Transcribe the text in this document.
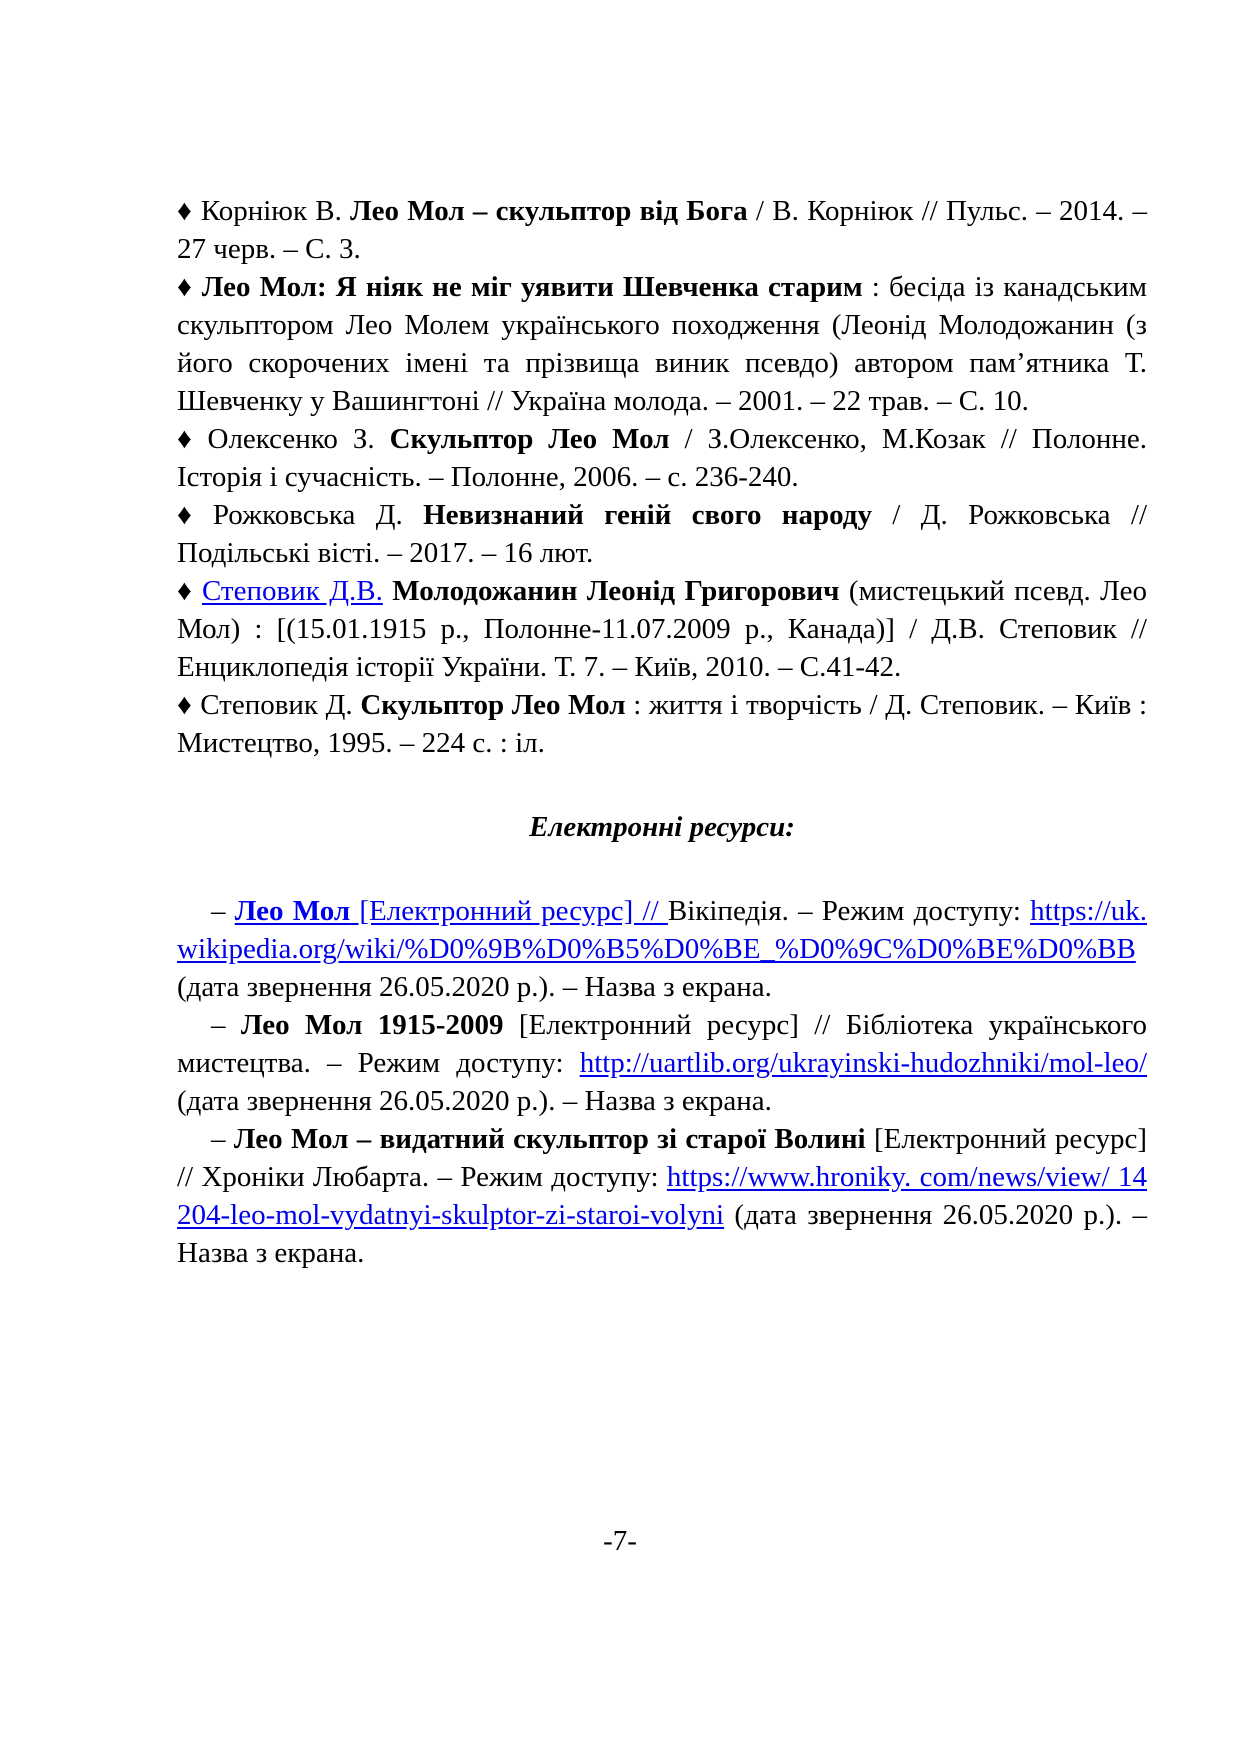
♦ Корніюк В. Лео Мол – скульптор від Бога / В. Корніюк // Пульс. – 2014. – 27 черв. – С. 3.

♦ Лео Мол: Я ніяк не міг уявити Шевченка старим : бесіда із канадським скульптором Лео Молем українського походження (Леонід Молодожанин (з його скорочених імені та прізвища виник псевдо) автором пам’ятника Т. Шевченку у Вашингтоні // Україна молода. – 2001. – 22 трав. – С. 10.

♦ Олексенко З. Скульптор Лео Мол / З.Олексенко, М.Козак // Полонне. Історія і сучасність. – Полонне, 2006. – с. 236-240.

♦ Рожковська Д. Невизнаний геній свого народу / Д. Рожковська // Подільські вісті. – 2017. – 16 лют.

♦ Степовик Д.В. Молодожанин Леонід Григорович (мистецький псевд. Лео Мол) : [(15.01.1915 р., Полонне-11.07.2009 р., Канада)] / Д.В. Степовик // Енциклопедія історії України. Т. 7. – Київ, 2010. – С.41-42.

♦ Степовик Д. Скульптор Лео Мол : життя і творчість / Д. Степовик. – Київ : Мистецтво, 1995. – 224 с. : іл.

Електронні ресурси:

– Лео Мол [Електронний ресурс] // Вікіпедія. – Режим доступу: https://uk.wikipedia.org/wiki/%D0%9B%D0%B5%D0%BE_%D0%9C%D0%BE%D0%BB (дата звернення 26.05.2020 р.). – Назва з екрана.

– Лео Мол 1915-2009 [Електронний ресурс] // Бібліотека українського мистецтва. – Режим доступу: http://uartlib.org/ukrayinski-hudozhniki/mol-leo/ (дата звернення 26.05.2020 р.). – Назва з екрана.

– Лео Мол – видатний скульптор зі старої Волині [Електронний ресурс] // Хроніки Любарта. – Режим доступу: https://www.hroniky. com/news/view/ 14204-leo-mol-vydatnyi-skulptor-zi-staroi-volyni (дата звернення 26.05.2020 р.). – Назва з екрана.

-7-
